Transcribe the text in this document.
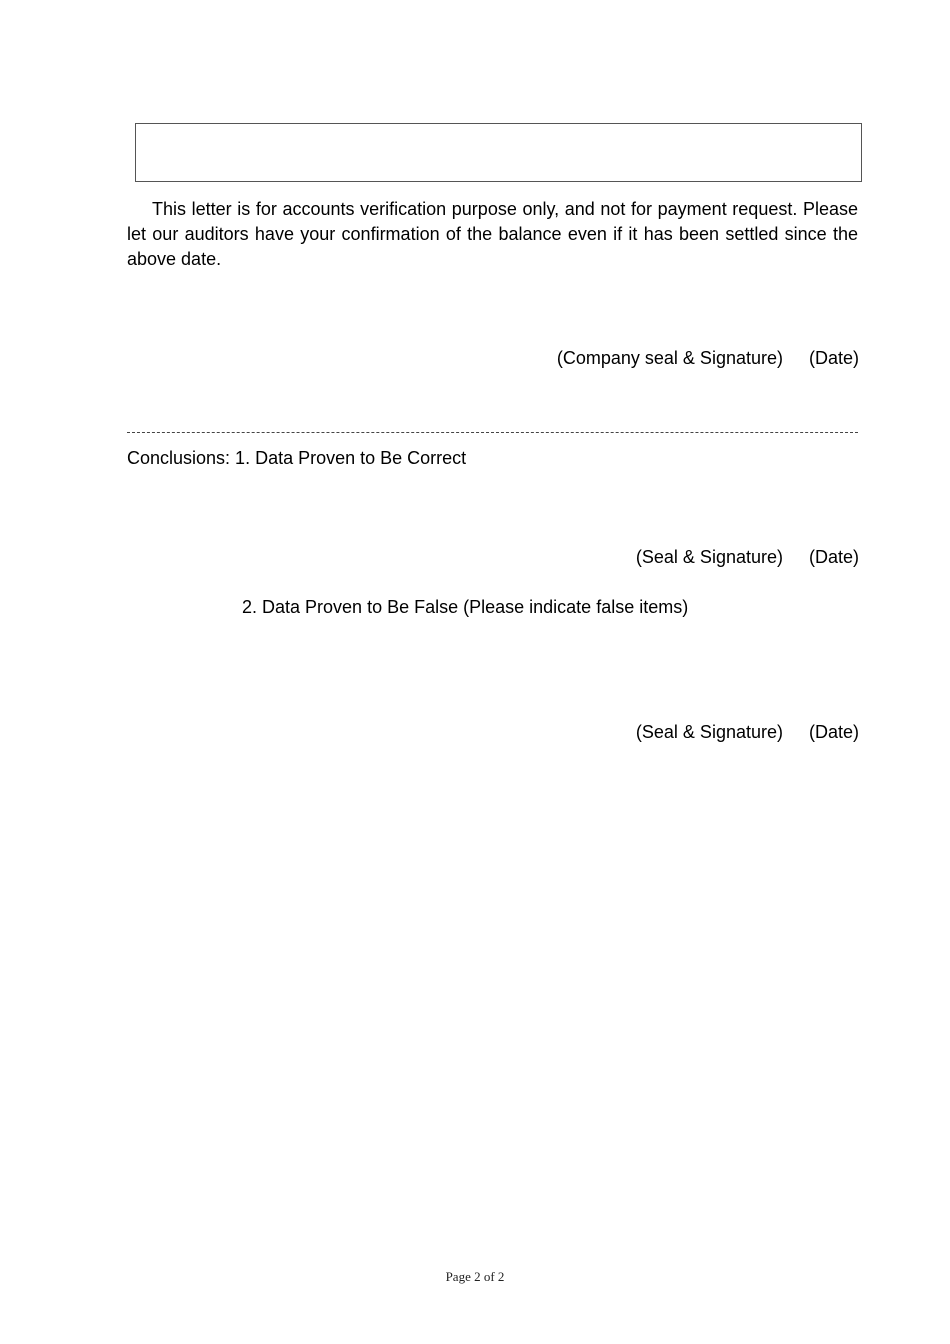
This letter is for accounts verification purpose only, and not for payment request. Please let our auditors have your confirmation of the balance even if it has been settled since the above date.

(Company seal & Signature) (Date)
Conclusions: 1. Data Proven to Be Correct
(Seal & Signature) (Date)
2. Data Proven to Be False (Please indicate false items)
(Seal & Signature) (Date)
Page 2 of 2
